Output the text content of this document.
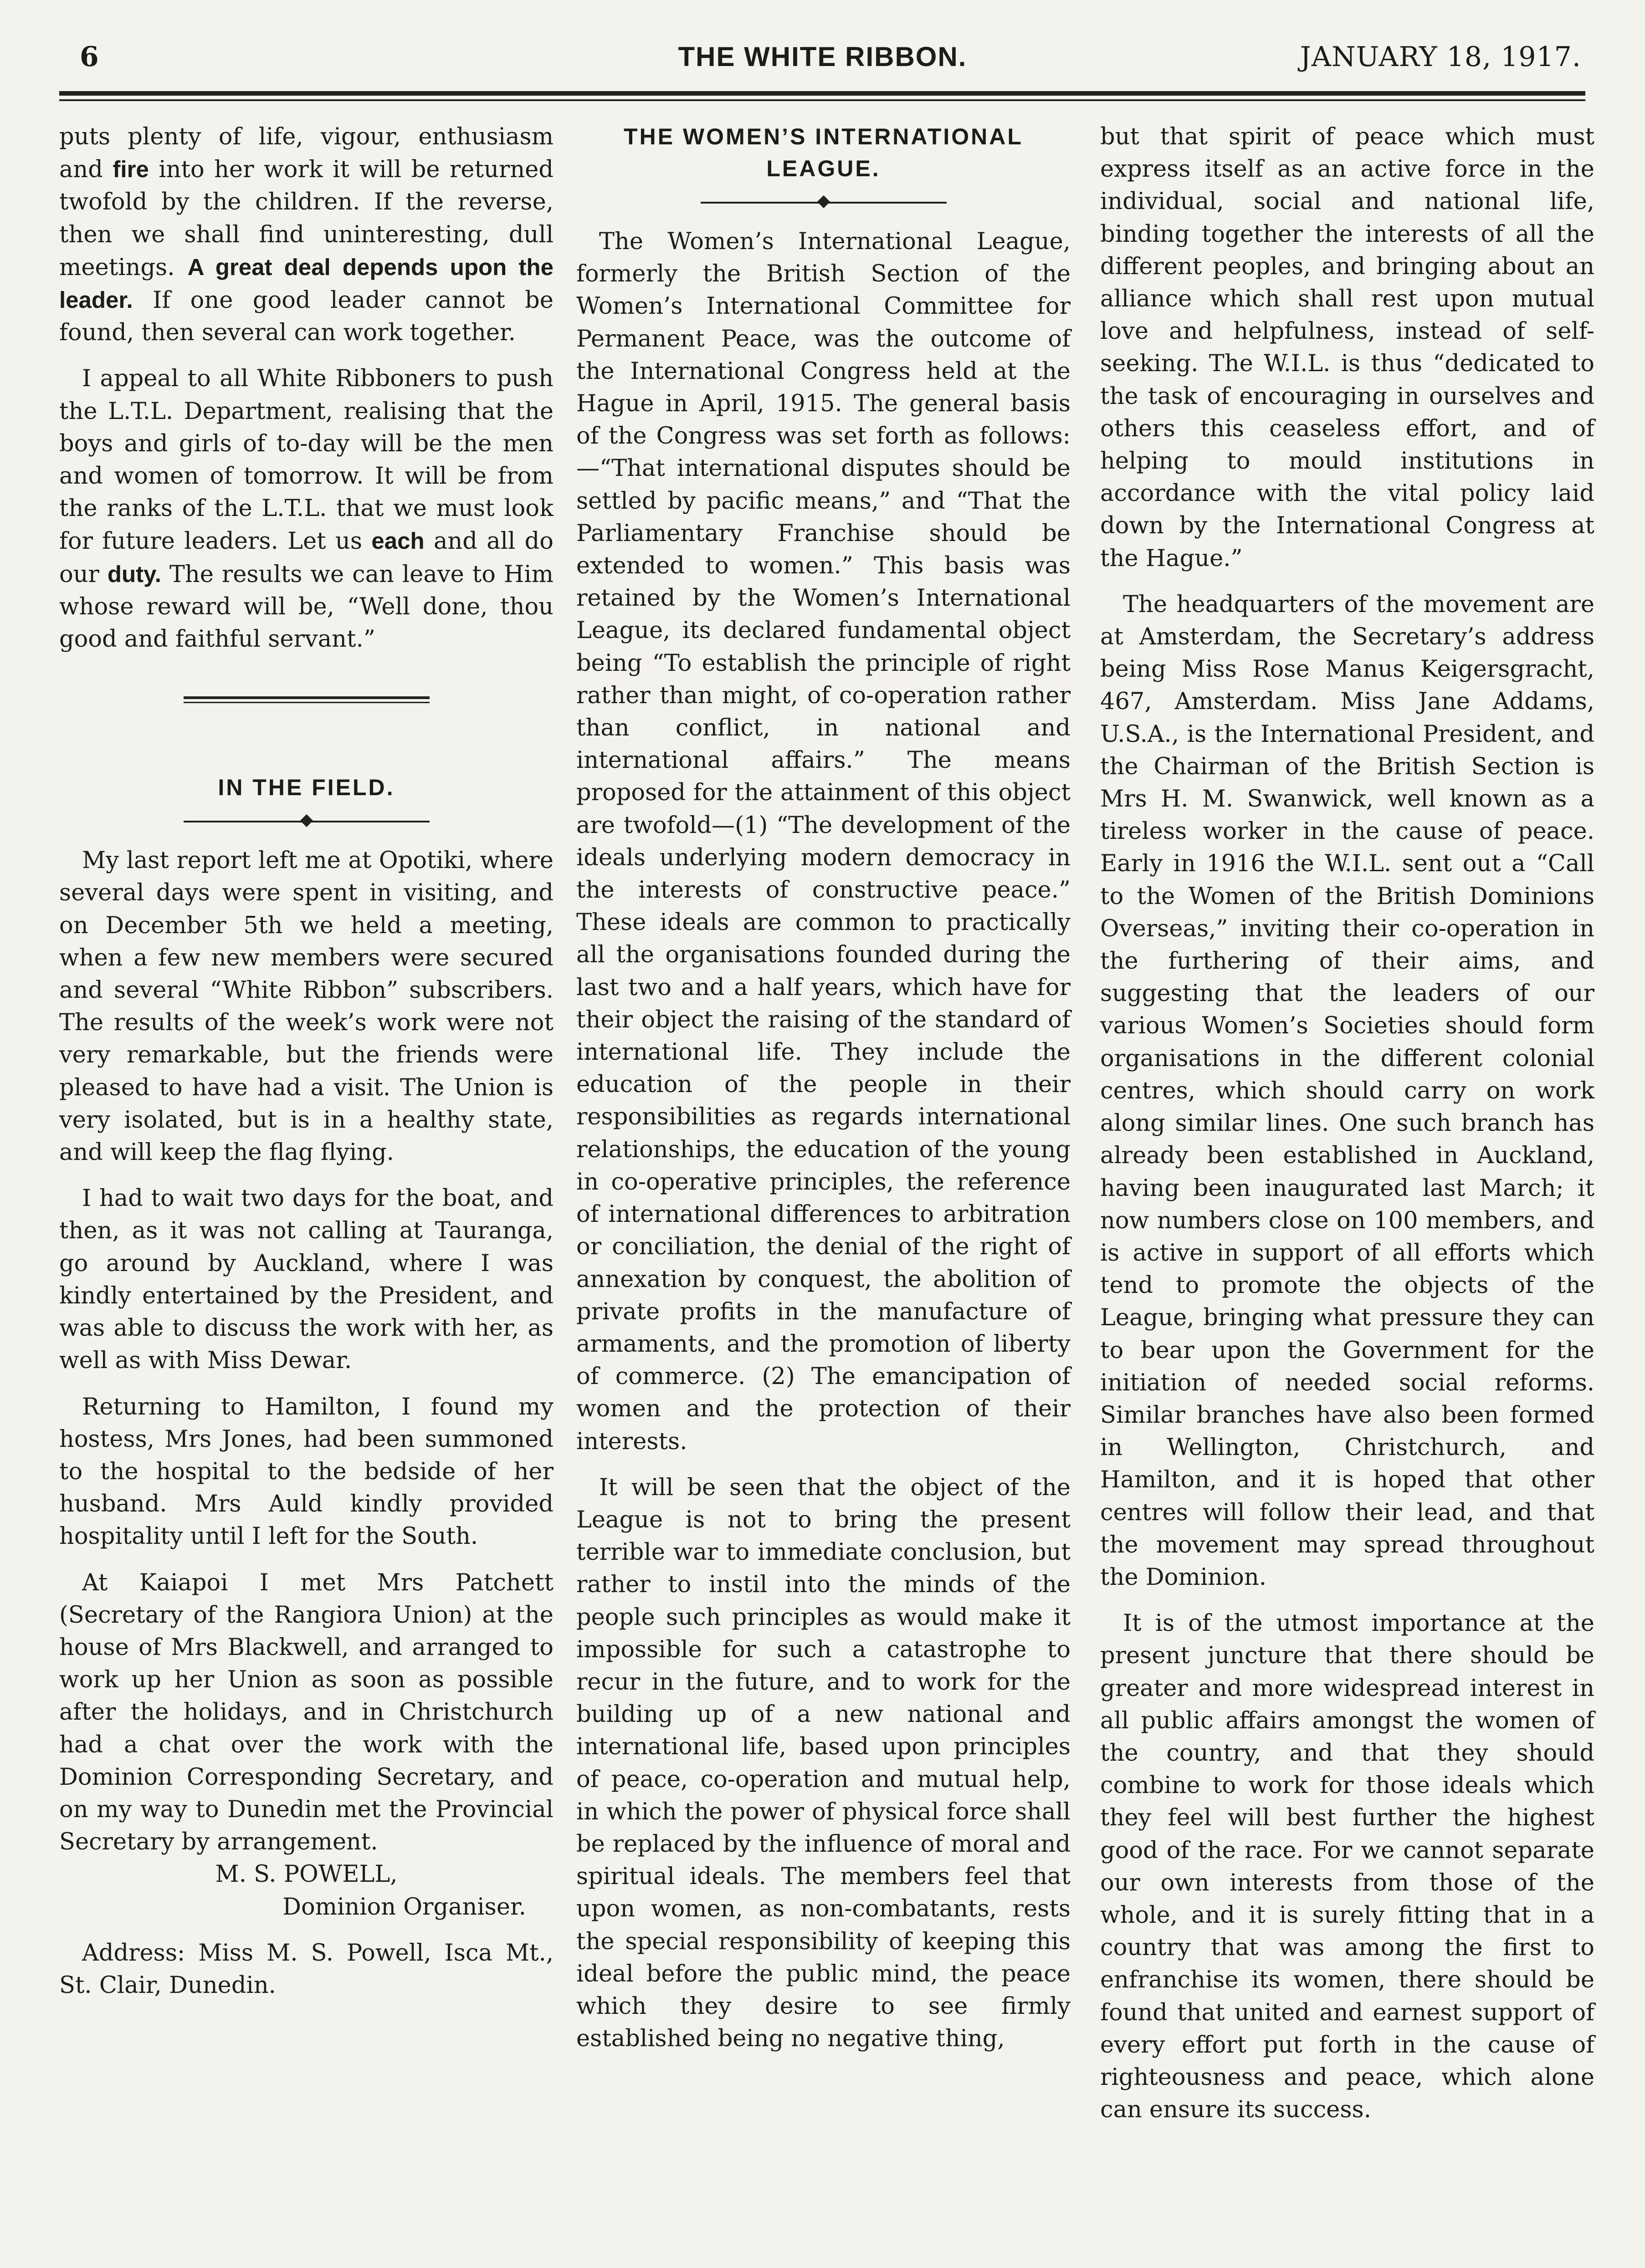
THE WHITE RIBBON.
6	JANUARY 18, 1917.

puts plenty of life, vigour, enthusiasm and fire into her work it will be returned twofold by the children. If the reverse, then we shall find uninteresting, dull meetings. A great deal depends upon the leader. If one good leader cannot be found, then several can work together.

I appeal to all White Ribboners to push the L.T.L. Department, realising that the boys and girls of to-day will be the men and women of tomorrow. It will be from the ranks of the L.T.L. that we must look for future leaders. Let us each and all do our duty. The results we can leave to Him whose reward will be, “Well done, thou good and faithful servant.”

IN THE FIELD.

My last report left me at Opotiki, where several days were spent in visiting, and on December 5th we held a meeting, when a few new members were secured and several “White Ribbon” subscribers. The results of the week’s work were not very remarkable, but the friends were pleased to have had a visit. The Union is very isolated, but is in a healthy state, and will keep the flag flying.

I had to wait two days for the boat, and then, as it was not calling at Tauranga, go around by Auckland, where I was kindly entertained by the President, and was able to discuss the work with her, as well as with Miss Dewar.

Returning to Hamilton, I found my hostess, Mrs Jones, had been summoned to the hospital to the bedside of her husband. Mrs Auld kindly provided hospitality until I left for the South.

At Kaiapoi I met Mrs Patchett (Secretary of the Rangiora Union) at the house of Mrs Blackwell, and arranged to work up her Union as soon as possible after the holidays, and in Christchurch had a chat over the work with the Dominion Corresponding Secretary, and on my way to Dunedin met the Provincial Secretary by arrangement.

M. S. POWELL,

Dominion Organiser.

Address: Miss M. S. Powell, Isca Mt., St. Clair, Dunedin.

THE WOMEN’S INTERNATIONAL LEAGUE.

The Women’s International League, formerly the British Section of the Women’s International Committee for Permanent Peace, was the outcome of the International Congress held at the Hague in April, 1915. The general basis of the Congress was set forth as follows:—“That international disputes should be settled by pacific means,” and “That the Parliamentary Franchise should be extended to women.” This basis was retained by the Women’s International League, its declared fundamental object being “To establish the principle of right rather than might, of co-operation rather than conflict, in national and international affairs.” The means proposed for the attainment of this object are twofold—(1) “The development of the ideals underlying modern democracy in the interests of constructive peace.” These ideals are common to practically all the organisations founded during the last two and a half years, which have for their object the raising of the standard of international life. They include the education of the people in their responsibilities as regards international relationships, the education of the young in co-operative principles, the reference of international differences to arbitration or conciliation, the denial of the right of annexation by conquest, the abolition of private profits in the manufacture of armaments, and the promotion of liberty of commerce. (2) The emancipation of women and the protection of their interests.

It will be seen that the object of the League is not to bring the present terrible war to immediate conclusion, but rather to instil into the minds of the people such principles as would make it impossible for such a catastrophe to recur in the future, and to work for the building up of a new national and international life, based upon principles of peace, co-operation and mutual help, in which the power of physical force shall be replaced by the influence of moral and spiritual ideals. The members feel that upon women, as non-combatants, rests the special responsibility of keeping this ideal before the public mind, the peace which they desire to see firmly established being no negative thing,

but that spirit of peace which must express itself as an active force in the individual, social and national life, binding together the interests of all the different peoples, and bringing about an alliance which shall rest upon mutual love and helpfulness, instead of self-seeking. The W.I.L. is thus “dedicated to the task of encouraging in ourselves and others this ceaseless effort, and of helping to mould institutions in accordance with the vital policy laid down by the International Congress at the Hague.”

The headquarters of the movement are at Amsterdam, the Secretary’s address being Miss Rose Manus Keigersgracht, 467, Amsterdam. Miss Jane Addams, U.S.A., is the International President, and the Chairman of the British Section is Mrs H. M. Swanwick, well known as a tireless worker in the cause of peace. Early in 1916 the W.I.L. sent out a “Call to the Women of the British Dominions Overseas,” inviting their co-operation in the furthering of their aims, and suggesting that the leaders of our various Women’s Societies should form organisations in the different colonial centres, which should carry on work along similar lines. One such branch has already been established in Auckland, having been inaugurated last March; it now numbers close on 100 members, and is active in support of all efforts which tend to promote the objects of the League, bringing what pressure they can to bear upon the Government for the initiation of needed social reforms. Similar branches have also been formed in Wellington, Christchurch, and Hamilton, and it is hoped that other centres will follow their lead, and that the movement may spread throughout the Dominion.

It is of the utmost importance at the present juncture that there should be greater and more widespread interest in all public affairs amongst the women of the country, and that they should combine to work for those ideals which they feel will best further the highest good of the race. For we cannot separate our own interests from those of the whole, and it is surely fitting that in a country that was among the first to enfranchise its women, there should be found that united and earnest support of every effort put forth in the cause of righteousness and peace, which alone can ensure its success.
